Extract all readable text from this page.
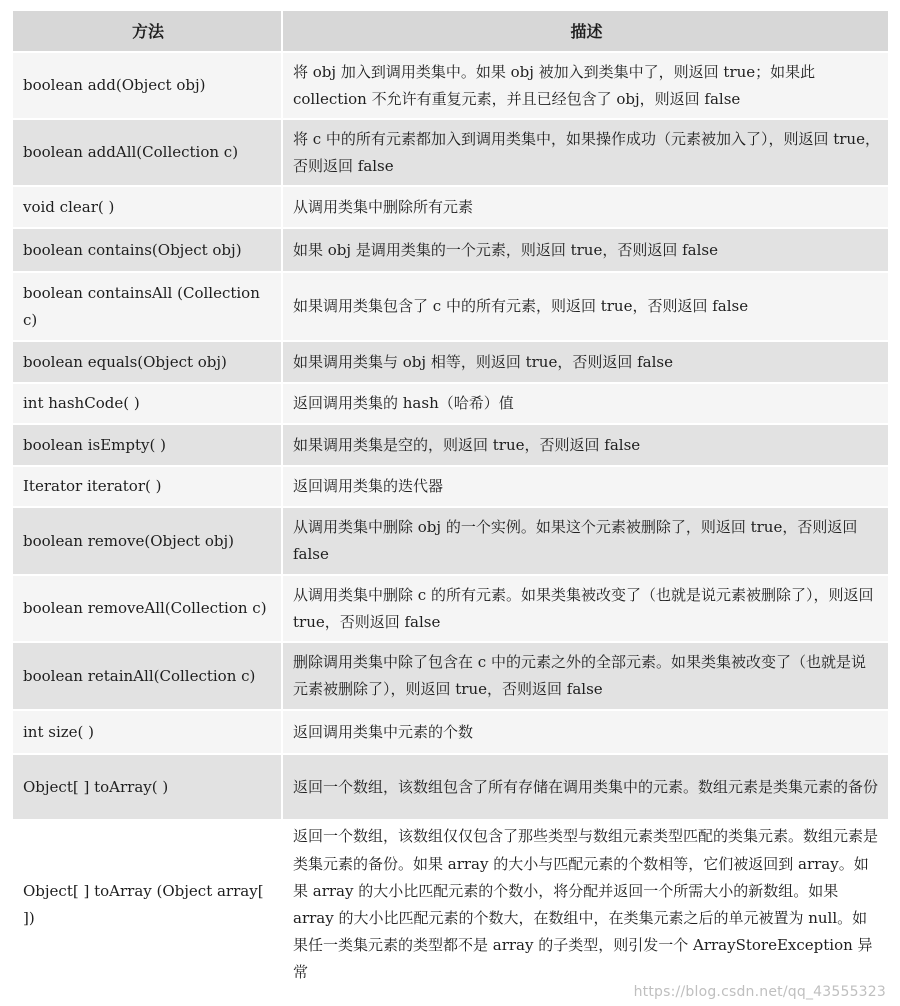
方法	描述
boolean add(Object obj)	将 obj 加入到调用类集中。如果 obj 被加入到类集中了，则返回 true；如果此 collection 不允许有重复元素，并且已经包含了 obj，则返回 false
boolean addAll(Collection c)	将 c 中的所有元素都加入到调用类集中，如果操作成功（元素被加入了），则返回 true，否则返回 false
void clear( )	从调用类集中删除所有元素
boolean contains(Object obj)	如果 obj 是调用类集的一个元素，则返回 true，否则返回 false
boolean containsAll (Collection c)	如果调用类集包含了 c 中的所有元素，则返回 true，否则返回 false
boolean equals(Object obj)	如果调用类集与 obj 相等，则返回 true，否则返回 false
int hashCode( )	返回调用类集的 hash（哈希）值
boolean isEmpty( )	如果调用类集是空的，则返回 true，否则返回 false
Iterator iterator( )	返回调用类集的迭代器
boolean remove(Object obj)	从调用类集中删除 obj 的一个实例。如果这个元素被删除了，则返回 true，否则返回 false
boolean removeAll(Collection c)	从调用类集中删除 c 的所有元素。如果类集被改变了（也就是说元素被删除了），则返回 true，否则返回 false
boolean retainAll(Collection c)	删除调用类集中除了包含在 c 中的元素之外的全部元素。如果类集被改变了（也就是说元素被删除了），则返回 true，否则返回 false
int size( )	返回调用类集中元素的个数
Object[ ] toArray( )	返回一个数组，该数组包含了所有存储在调用类集中的元素。数组元素是类集元素的备份
Object[ ] toArray (Object array[ ])	返回一个数组，该数组仅仅包含了那些类型与数组元素类型匹配的类集元素。数组元素是类集元素的备份。如果 array 的大小与匹配元素的个数相等，它们被返回到 array。如果 array 的大小比匹配元素的个数小，将分配并返回一个所需大小的新数组。如果 array 的大小比匹配元素的个数大，在数组中，在类集元素之后的单元被置为 null。如果任一类集元素的类型都不是 array 的子类型，则引发一个 ArrayStoreException 异常
https://blog.csdn.net/qq_43555323
